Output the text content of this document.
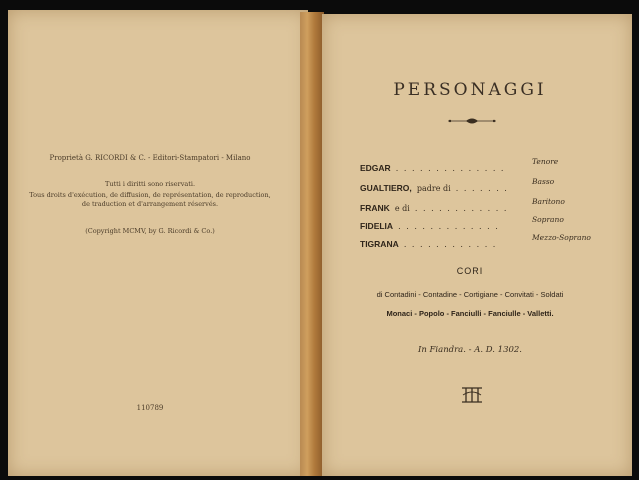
Proprietà G. RICORDI & C. - Editori-Stampatori - Milano
Tutti i diritti sono riservati.
Tous droits d'exécution, de diffusion, de représentation, de reproduction,
de traduction et d'arrangement réservés.
(Copyright MCMV, by G. Ricordi & Co.)
110789
PERSONAGGI
EDGAR . . . . . . . . . . . . . .
Tenore
GUALTIERO, padre di . . . . . . .
Basso
FRANK e di . . . . . . . . . . . .
Baritono
FIDELIA . . . . . . . . . . . . .
Soprano
TIGRANA . . . . . . . . . . . .
Mezzo-Soprano
CORI
di Contadini - Contadine - Cortigiane - Convitati - Soldati
Monaci - Popolo - Fanciulli - Fanciulle - Valletti.
In Fiandra. - A. D. 1302.
